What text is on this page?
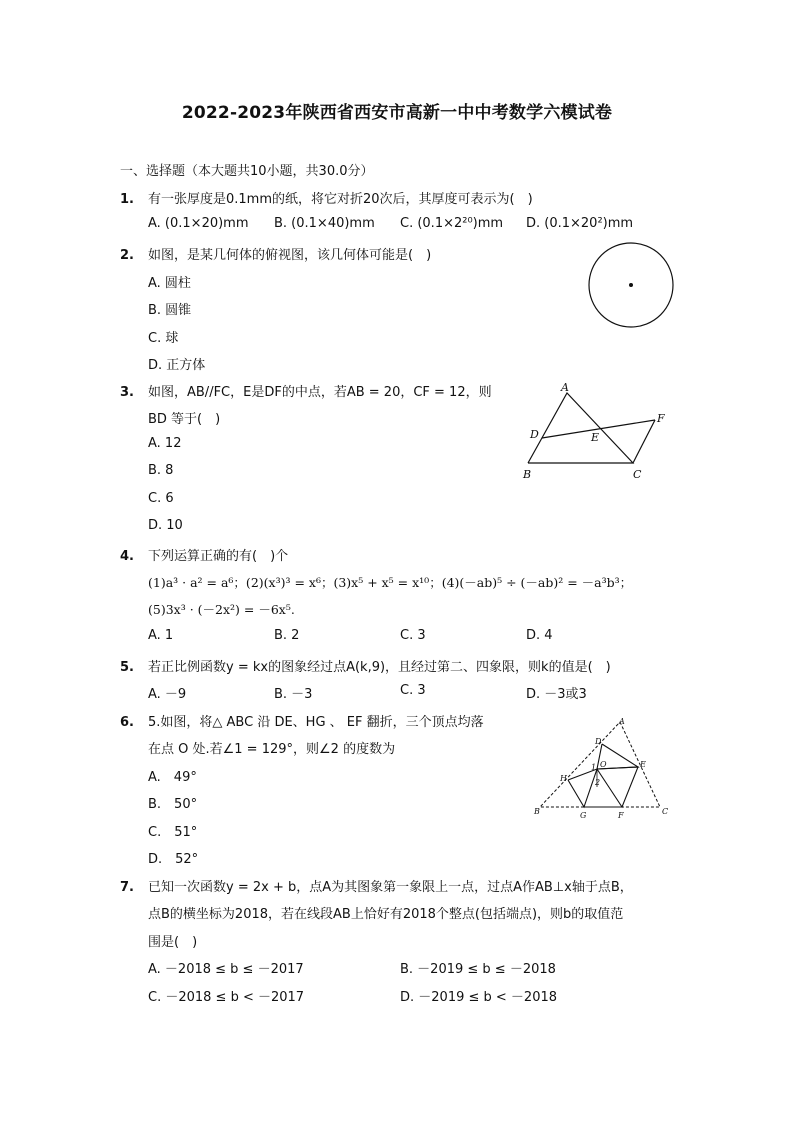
2022-2023年陕西省西安市高新一中中考数学六模试卷
一、选择题（本大题共10小题，共30.0分）
1. 有一张厚度是0.1mm的纸，将它对折20次后，其厚度可表示为(　)
A. (0.1×20)mm B. (0.1×40)mm C. (0.1×2²⁰)mm D. (0.1×20²)mm
2. 如图，是某几何体的俯视图，该几何体可能是(　)
A. 圆柱
B. 圆锥
C. 球
D. 正方体
3. 如图，AB//FC，E是DF的中点，若AB = 20，CF = 12，则
BD 等于(　)
A. 12
B. 8
C. 6
D. 10
A
D	E
F
B	C
4. 下列运算正确的有(　)个
(1)a³ · a² = a⁶；(2)(x³)³ = x⁶；(3)x⁵ + x⁵ = x¹⁰；(4)(－ab)⁵ ÷ (－ab)² = －a³b³；
(5)3x³ · (－2x²) = －6x⁵.
A. 1	B. 2	C. 3	D. 4
5. 若正比例函数y = kx的图象经过点A(k,9)，且经过第二、四象限，则k的值是(　)
A. －9	B. －3	C. 3	D. －3或3
6. 5.如图，将△ ABC 沿 DE、HG 、 EF 翻折，三个顶点均落
在点 O 处.若∠1 = 129°，则∠2 的度数为
A.　49°
B.　50°
C.　51°
D.　52°
A
D
1 O	E
H	2
B	G	F	C
7. 已知一次函数y = 2x + b，点A为其图象第一象限上一点，过点A作AB⊥x轴于点B，
点B的横坐标为2018，若在线段AB上恰好有2018个整点(包括端点)，则b的取值范
围是(　)
A. －2018 ≤ b ≤ －2017	B. －2019 ≤ b ≤ －2018
C. －2018 ≤ b < －2017	D. －2019 ≤ b < －2018
